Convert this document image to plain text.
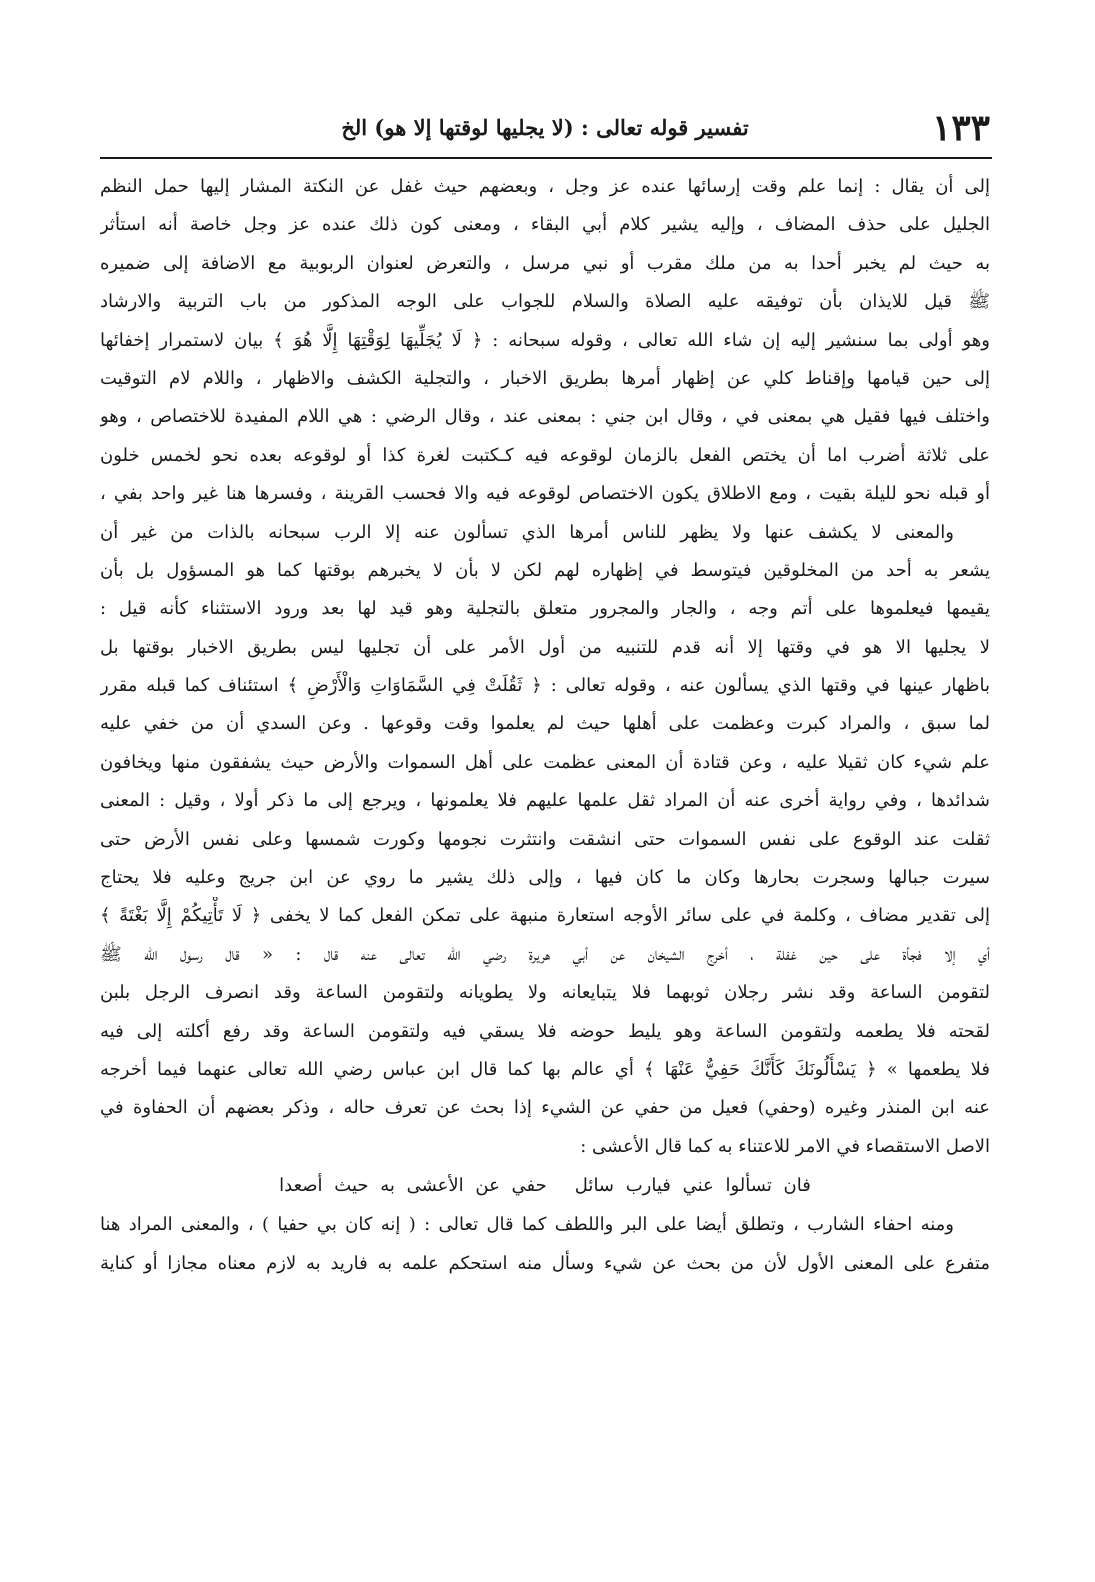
١٣٣
تفسير قوله تعالى : (لا يجليها لوقتها إلا هو) الخ
إلى أن يقال : إنما علم وقت إرسائها عنده عز وجل ، وبعضهم حيث غفل عن النكتة المشار إليها حمل النظم
الجليل على حذف المضاف ، وإليه يشير كلام أبي البقاء ، ومعنى كون ذلك عنده عز وجل خاصة أنه استأثر
به حيث لم يخبر أحدا به من ملك مقرب أو نبي مرسل ، والتعرض لعنوان الربوبية مع الاضافة إلى ضميره
ﷺ قيل للايذان بأن توفيقه عليه الصلاة والسلام للجواب على الوجه المذكور من باب التربية والارشاد
وهو أولى بما سنشير إليه إن شاء الله تعالى ، وقوله سبحانه : ﴿ لَا يُجَلِّيهَا لِوَقْتِهَا إِلَّا هُوَ ﴾ بيان لاستمرار إخفائها
إلى حين قيامها وإقناط كلي عن إظهار أمرها بطريق الاخبار ، والتجلية الكشف والاظهار ، واللام لام التوقيت
واختلف فيها فقيل هي بمعنى في ، وقال ابن جني : بمعنى عند ، وقال الرضي : هي اللام المفيدة للاختصاص ، وهو
على ثلاثة أضرب اما أن يختص الفعل بالزمان لوقوعه فيه كـكتبت لغرة كذا أو لوقوعه بعده نحو لخمس خلون
أو قبله نحو لليلة بقيت ، ومع الاطلاق يكون الاختصاص لوقوعه فيه والا فحسب القرينة ، وفسرها هنا غير واحد بفي ،
والمعنى لا يكشف عنها ولا يظهر للناس أمرها الذي تسألون عنه إلا الرب سبحانه بالذات من غير أن
يشعر به أحد من المخلوقين فيتوسط في إظهاره لهم لكن لا بأن لا يخبرهم بوقتها كما هو المسؤول بل بأن
يقيمها فيعلموها على أتم وجه ، والجار والمجرور متعلق بالتجلية وهو قيد لها بعد ورود الاستثناء كأنه قيل :
لا يجليها الا هو في وقتها إلا أنه قدم للتنبيه من أول الأمر على أن تجليها ليس بطريق الاخبار بوقتها بل
باظهار عينها في وقتها الذي يسألون عنه ، وقوله تعالى : ﴿ ثَقُلَتْ فِي السَّمَاوَاتِ وَالْأَرْضِ ﴾ استئناف كما قبله مقرر
لما سبق ، والمراد كبرت وعظمت على أهلها حيث لم يعلموا وقت وقوعها . وعن السدي أن من خفي عليه
علم شيء كان ثقيلا عليه ، وعن قتادة أن المعنى عظمت على أهل السموات والأرض حيث يشفقون منها ويخافون
شدائدها ، وفي رواية أخرى عنه أن المراد ثقل علمها عليهم فلا يعلمونها ، ويرجع إلى ما ذكر أولا ، وقيل : المعنى
ثقلت عند الوقوع على نفس السموات حتى انشقت وانتثرت نجومها وكورت شمسها وعلى نفس الأرض حتى
سيرت جبالها وسجرت بحارها وكان ما كان فيها ، وإلى ذلك يشير ما روي عن ابن جريج وعليه فلا يحتاج
إلى تقدير مضاف ، وكلمة في على سائر الأوجه استعارة منبهة على تمكن الفعل كما لا يخفى ﴿ لَا تَأْتِيكُمْ إِلَّا بَغْتَةً ﴾
أي إلا فجأة على حين غفلة ، أخرج الشيخان عن أبي هريرة رضي الله تعالى عنه قال : « قال رسول الله ﷺ
لتقومن الساعة وقد نشر رجلان ثوبهما فلا يتبايعانه ولا يطويانه ولتقومن الساعة وقد انصرف الرجل بلبن
لقحته فلا يطعمه ولتقومن الساعة وهو يليط حوضه فلا يسقي فيه ولتقومن الساعة وقد رفع أكلته إلى فيه
فلا يطعمها » ﴿ يَسْأَلُونَكَ كَأَنَّكَ حَفِيٌّ عَنْهَا ﴾ أي عالم بها كما قال ابن عباس رضي الله تعالى عنهما فيما أخرجه
عنه ابن المنذر وغيره (وحفي) فعيل من حفي عن الشيء إذا بحث عن تعرف حاله ، وذكر بعضهم أن الحفاوة في
الاصل الاستقصاء في الامر للاعتناء به كما قال الأعشى :
فان تسألوا عني فيارب سائلحفي عن الأعشى به حيث أصعدا
ومنه احفاء الشارب ، وتطلق أيضا على البر واللطف كما قال تعالى : ( إنه كان بي حفيا ) ، والمعنى المراد هنا
متفرع على المعنى الأول لأن من بحث عن شيء وسأل منه استحكم علمه به فاريد به لازم معناه مجازا أو كناية
